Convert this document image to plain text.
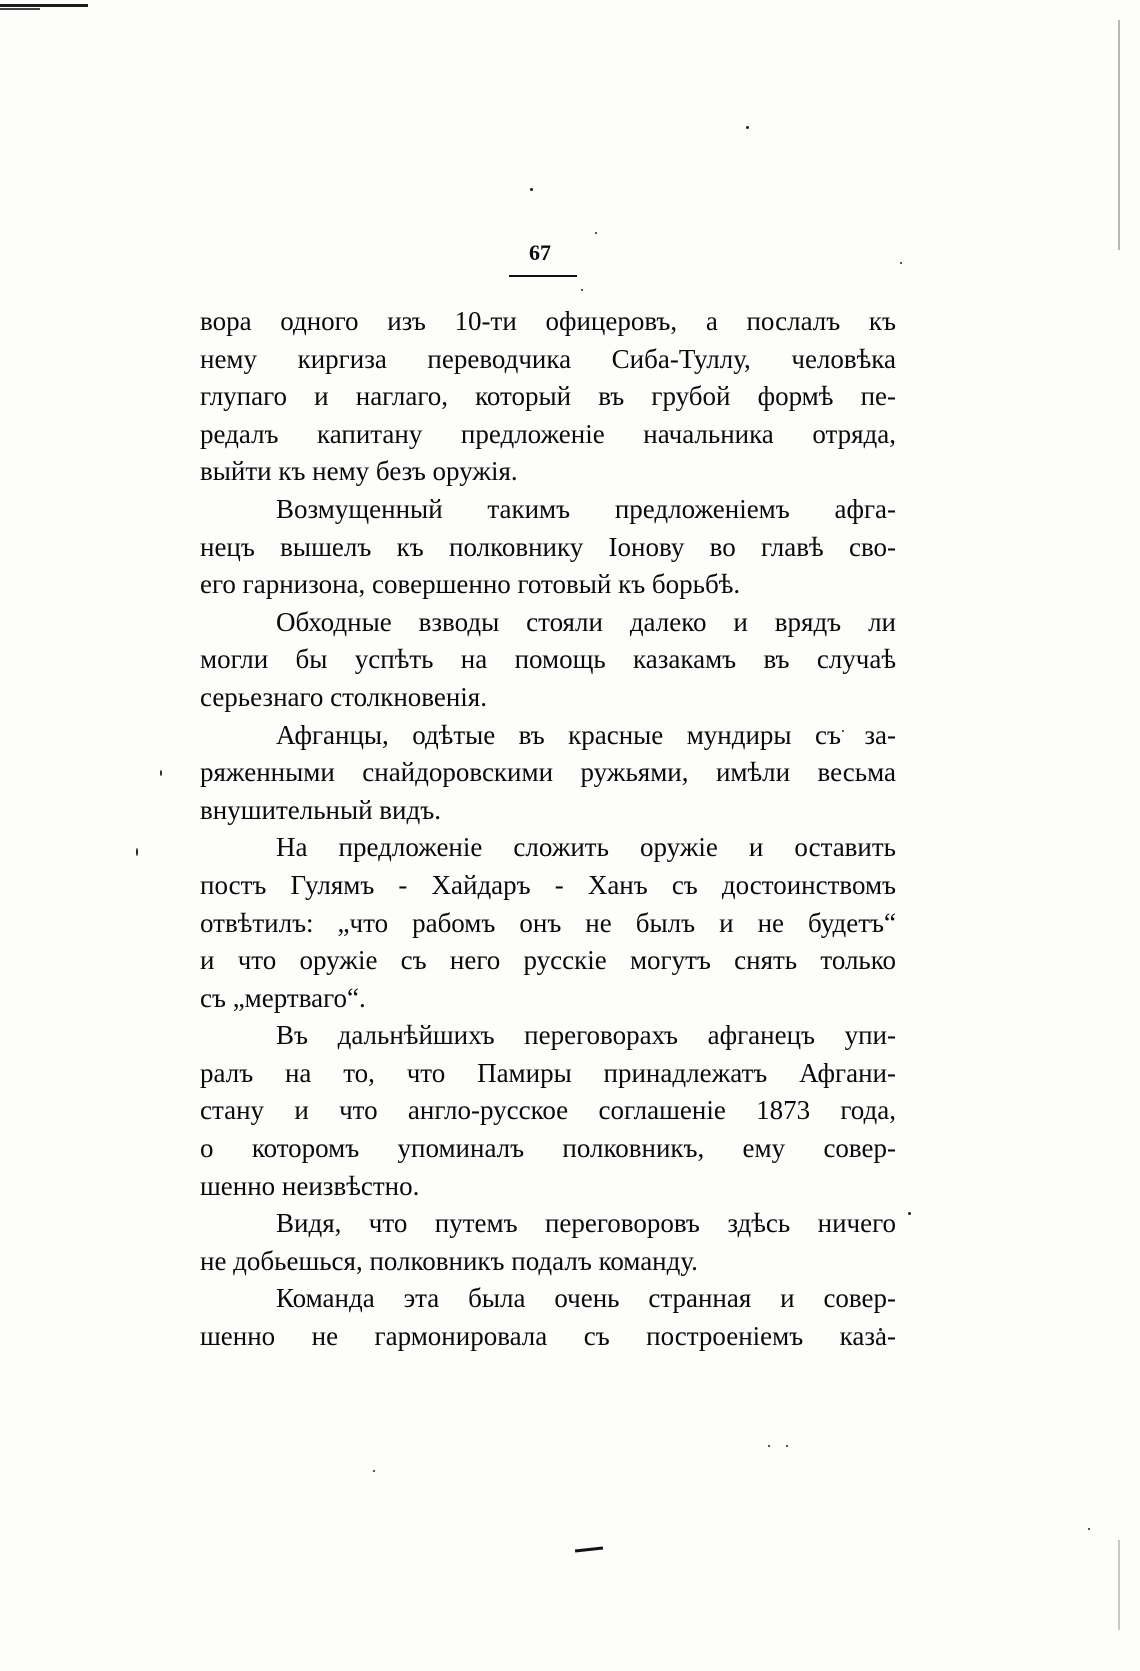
67
вора одного изъ 10-ти офицеровъ, а послалъ къ
нему киргиза переводчика Сиба-Туллу, человѣка
глупаго и наглаго, который въ грубой формѣ пе-
редалъ капитану предложеніе начальника отряда,
выйти къ нему безъ оружія.
Возмущенный такимъ предложеніемъ афга-
нецъ вышелъ къ полковнику Іонову во главѣ сво-
его гарнизона, совершенно готовый къ борьбѣ.
Обходные взводы стояли далеко и врядъ ли
могли бы успѣть на помощь казакамъ въ случаѣ
серьезнаго столкновенія.
Афганцы, одѣтые въ красные мундиры съ за-
ряженными снайдоровскими ружьями, имѣли весьма
внушительный видъ.
На предложеніе сложить оружіе и оставить
постъ Гулямъ - Хайдаръ - Ханъ съ достоинствомъ
отвѣтилъ: „что рабомъ онъ не былъ и не будетъ“
и что оружіе съ него русскіе могутъ снять только
съ „мертваго“.
Въ дальнѣйшихъ переговорахъ афганецъ упи-
ралъ на то, что Памиры принадлежатъ Афгани-
стану и что англо-русское соглашеніе 1873 года,
о которомъ упоминалъ полковникъ, ему совер-
шенно неизвѣстно.
Видя, что путемъ переговоровъ здѣсь ничего
не добьешься, полковникъ подалъ команду.
Команда эта была очень странная и совер-
шенно не гармонировала съ построеніемъ каза-
